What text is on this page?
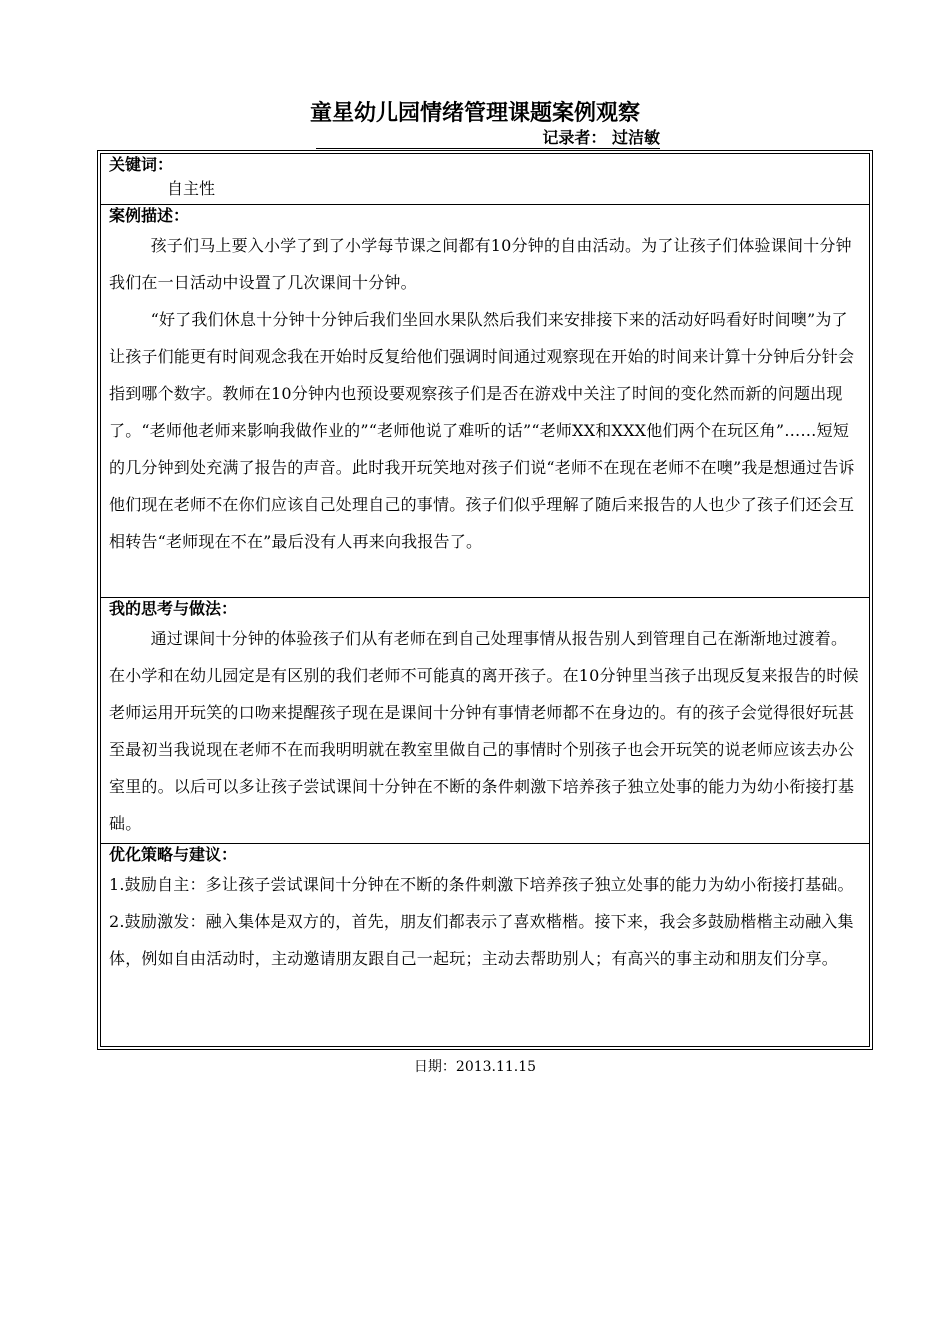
童星幼儿园情绪管理课题案例观察
记录者： 过洁敏
关键词：
自主性
案例描述：

孩子们马上要入小学了到了小学每节课之间都有10分钟的自由活动。为了让孩子们体验课间十分钟我们在一日活动中设置了几次课间十分钟。

“好了我们休息十分钟十分钟后我们坐回水果队然后我们来安排接下来的活动好吗看好时间噢”为了让孩子们能更有时间观念我在开始时反复给他们强调时间通过观察现在开始的时间来计算十分钟后分针会指到哪个数字。教师在10分钟内也预设要观察孩子们是否在游戏中关注了时间的变化然而新的问题出现了。“老师他老师来影响我做作业的”“老师他说了难听的话”“老师XX和XXX他们两个在玩区角”……短短的几分钟到处充满了报告的声音。此时我开玩笑地对孩子们说“老师不在现在老师不在噢”我是想通过告诉他们现在老师不在你们应该自己处理自己的事情。孩子们似乎理解了随后来报告的人也少了孩子们还会互相转告“老师现在不在”最后没有人再来向我报告了。

我的思考与做法：

通过课间十分钟的体验孩子们从有老师在到自己处理事情从报告别人到管理自己在渐渐地过渡着。在小学和在幼儿园定是有区别的我们老师不可能真的离开孩子。在10分钟里当孩子出现反复来报告的时候老师运用开玩笑的口吻来提醒孩子现在是课间十分钟有事情老师都不在身边的。有的孩子会觉得很好玩甚至最初当我说现在老师不在而我明明就在教室里做自己的事情时个别孩子也会开玩笑的说老师应该去办公室里的。以后可以多让孩子尝试课间十分钟在不断的条件刺激下培养孩子独立处事的能力为幼小衔接打基础。

优化策略与建议：

1.鼓励自主：多让孩子尝试课间十分钟在不断的条件刺激下培养孩子独立处事的能力为幼小衔接打基础。

2.鼓励激发：融入集体是双方的，首先，朋友们都表示了喜欢楷楷。接下来，我会多鼓励楷楷主动融入集体，例如自由活动时，主动邀请朋友跟自己一起玩；主动去帮助别人；有高兴的事主动和朋友们分享。

日期：2013.11.15
